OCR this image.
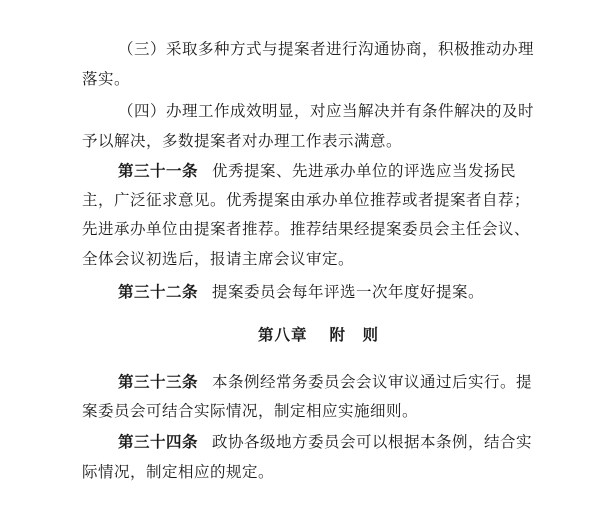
（三）采取多种方式与提案者进行沟通协商，积极推动办理
落实。
（四）办理工作成效明显，对应当解决并有条件解决的及时
予以解决，多数提案者对办理工作表示满意。
第三十一条 优秀提案、先进承办单位的评选应当发扬民
主，广泛征求意见。优秀提案由承办单位推荐或者提案者自荐；
先进承办单位由提案者推荐。推荐结果经提案委员会主任会议、
全体会议初选后，报请主席会议审定。
第三十二条 提案委员会每年评选一次年度好提案。
第八章 附　则
第三十三条 本条例经常务委员会会议审议通过后实行。提
案委员会可结合实际情况，制定相应实施细则。
第三十四条 政协各级地方委员会可以根据本条例，结合实
际情况，制定相应的规定。
